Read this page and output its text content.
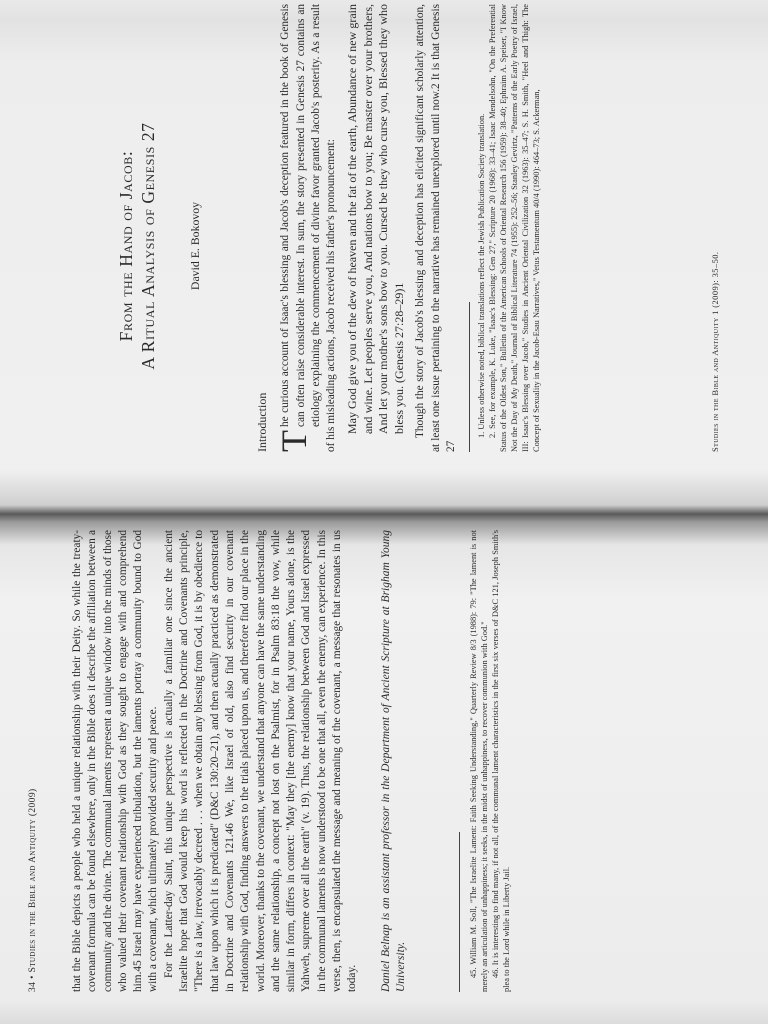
34 • Studies in the Bible and Antiquity (2009)	that the Bible depicts a people who held a unique relationship with their Deity. So while the treaty-covenant formula can be found elsewhere, only in the Bible does it describe the affiliation between a community and the divine. The communal laments represent a unique window into the minds of those who valued their covenant relationship with God as they sought to engage with and comprehend him.45 Israel may have experienced tribulation, but the laments portray a community bound to God with a covenant, which ultimately provided security and peace. For the Latter-day Saint, this unique perspective is actually a familiar one since the ancient Israelite hope that God would keep his word is reflected in the Doctrine and Covenants principle, "There is a law, irrevocably decreed . . . when we obtain any blessing from God, it is by obedience to that law upon which it is predicated" (D&C 130:20–21), and then actually practiced as demonstrated in Doctrine and Covenants 121.46 We, like Israel of old, also find security in our covenant relationship with God, finding answers to the trials placed upon us, and therefore find our place in the world. Moreover, thanks to the covenant, we understand that anyone can have the same understanding and the same relationship, a concept not lost on the Psalmist, for in Psalm 83:18 the vow, while similar in form, differs in context: "May they [the enemy] know that your name, Yours alone, is the Yahweh, supreme over all the earth" (v. 19). Thus, the relationship between God and Israel expressed in the communal laments is now understood to be one that all, even the enemy, can experience. In this verse, then, is encapsulated the message and meaning of the covenant, a message that resonates in us today. Daniel Belnap is an assistant professor in the Department of Ancient Scripture at Brigham Young University.	45. William M. Soll, "The Israelite Lament: Faith Seeking Understanding," Quarterly Review 8/3 (1988): 79: "The lament is not merely an articulation of unhappiness; it seeks, in the midst of unhappiness, to recover communion with God." 46. It is interesting to find many, if not all, of the communal lament characteristics in the first six verses of D&C 121, Joseph Smith's plea to the Lord while in Liberty Jail.

From the Hand of Jacob: A Ritual Analysis of Genesis 27	David E. Bokovoy
Introduction T
he curious account of Isaac's blessing and Jacob's deception featured in the book of Genesis can often raise considerable interest. In sum, the story presented in Genesis 27 contains an etiology explaining the commencement of divine favor granted Jacob's posterity. As a result of his misleading actions, Jacob received his father's pronouncement: May God give you of the dew of heaven and the fat of the earth, Abundance of new grain and wine. Let peoples serve you, And nations bow to you; Be master over your brothers, And let your mother's sons bow to you. Cursed be they who curse you, Blessed they who bless you. (Genesis 27:28–29)1 Though the story of Jacob's blessing and deception has elicited significant scholarly attention, at least one issue pertaining to the narrative has remained unexplored until now.2 It is that Genesis 27

1. Unless otherwise noted, biblical translations reflect the Jewish Publication Society translation. 2. See, for example, K. Luke, "Isaac's Blessing: Gen 27," Scripture 20 (1968): 33–41; Isaac Mendelsohn, "On the Preferential Status of the Oldest Son," Bulletin of the American Schools of Oriental Research 156 (1959): 38–40; Ephraim A. Speiser, "I Know Not the Day of My Death," Journal of Biblical Literature 74 (1955): 252–56; Stanley Gevirtz, "Patterns of the Early Poetry of Israel, III: Isaac's Blessing over Jacob," Studies in Ancient Oriental Civilization 32 (1963): 35–47; S. H. Smith, "Heel and Thigh: The Concept of Sexuality in the Jacob-Esau Narratives," Vetus Testamentum 40/4 (1990): 464–73; S. Ackerman,	Studies in the Bible and Antiquity 1 (2009): 35–50.
